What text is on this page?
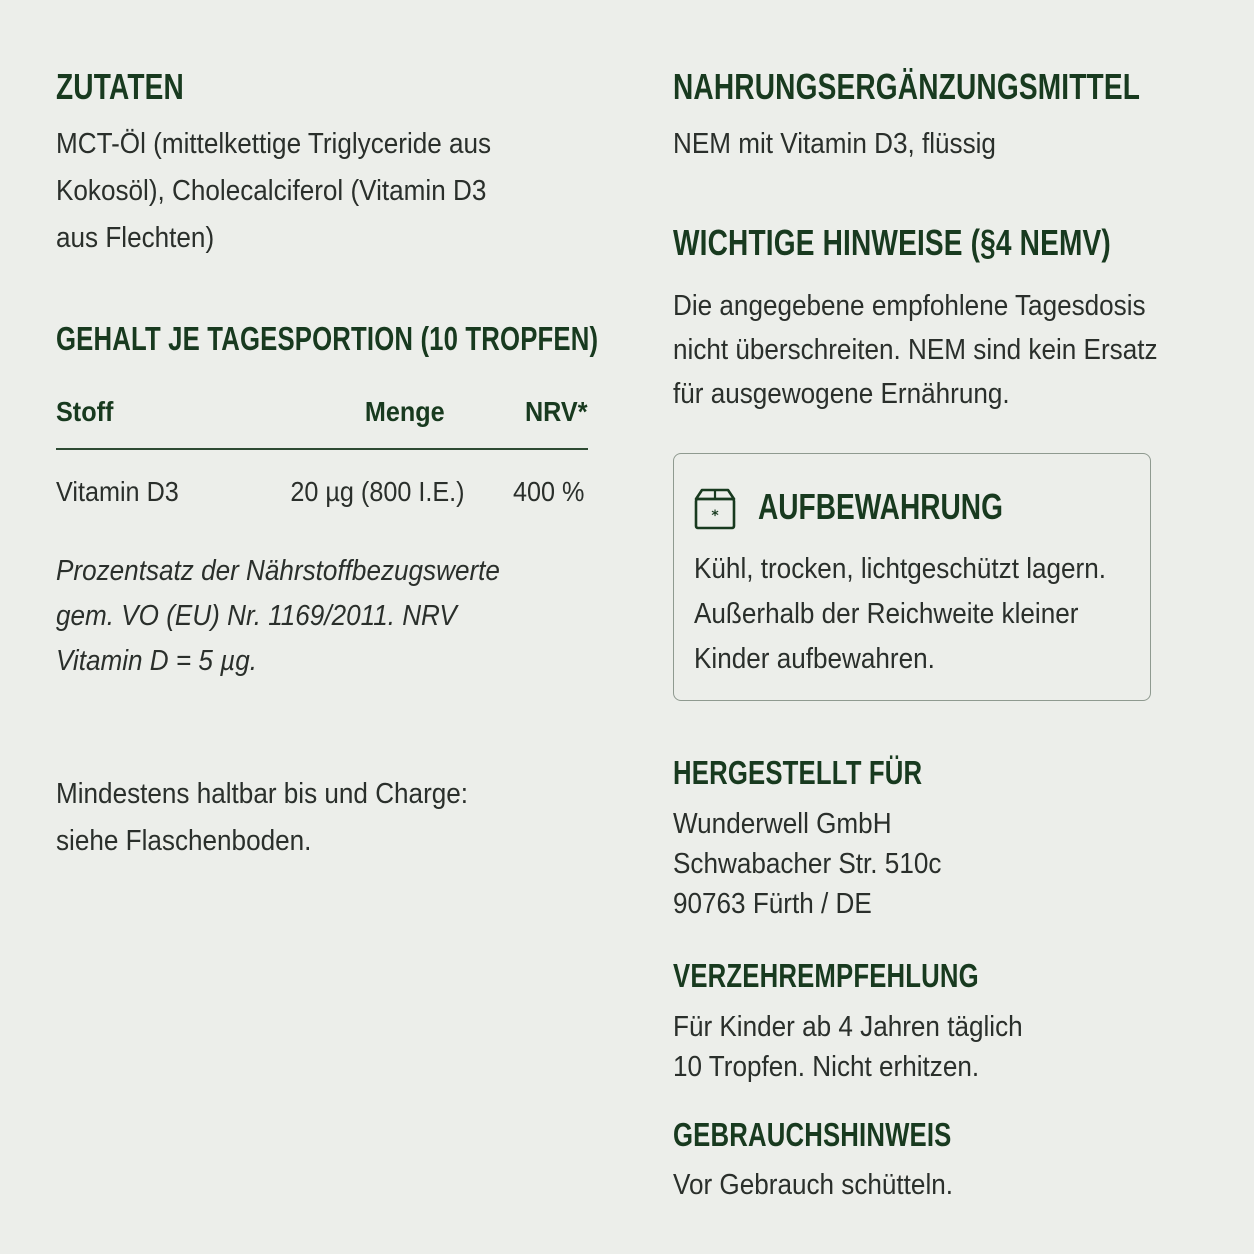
ZUTATEN

MCT-Öl (mittelkettige Triglyceride aus
Kokosöl), Cholecalciferol (Vitamin D3
aus Flechten)

GEHALT JE TAGESPORTION (10 TROPFEN)
Stoff	Menge	NRV*
Vitamin D3	20 µg (800 I.E.) 400 %

Prozentsatz der Nährstoffbezugswerte
gem. VO (EU) Nr. 1169/2011. NRV
Vitamin D = 5 µg.

Mindestens haltbar bis und Charge:
siehe Flaschenboden.

NAHRUNGSERGÄNZUNGSMITTEL

NEM mit Vitamin D3, flüssig

WICHTIGE HINWEISE (§4 NEMV)

Die angegebene empfohlene Tagesdosis
nicht überschreiten. NEM sind kein Ersatz
für ausgewogene Ernährung.

* AUFBEWAHRUNG

Kühl, trocken, lichtgeschützt lagern.
Außerhalb der Reichweite kleiner
Kinder aufbewahren.

HERGESTELLT FÜR

Wunderwell GmbH
Schwabacher Str. 510c
90763 Fürth / DE

VERZEHREMPFEHLUNG

Für Kinder ab 4 Jahren täglich
10 Tropfen. Nicht erhitzen.

GEBRAUCHSHINWEIS

Vor Gebrauch schütteln.
